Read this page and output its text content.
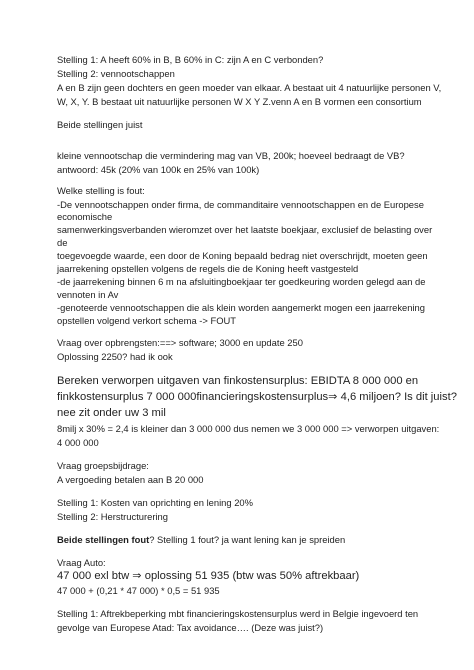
Stelling 1: A heeft 60% in B, B 60% in C: zijn A en C verbonden?
Stelling 2: vennootschappen
A en B zijn geen dochters en geen moeder van elkaar. A bestaat uit 4 natuurlijke personen V,
W, X, Y. B bestaat uit natuurlijke personen W X Y Z.venn A en B vormen een consortium
Beide stellingen juist
kleine vennootschap die vermindering mag van VB, 200k; hoeveel bedraagt de VB?
antwoord: 45k (20% van 100k en 25% van 100k)
Welke stelling is fout:
-De vennootschappen onder firma, de commanditaire vennootschappen en de Europese
economische
samenwerkingsverbanden wieromzet over het laatste boekjaar, exclusief de belasting over
de
toegevoegde waarde, een door de Koning bepaald bedrag niet overschrijdt, moeten geen
jaarrekening opstellen volgens de regels die de Koning heeft vastgesteld
-de jaarrekening binnen 6 m na afsluitingboekjaar ter goedkeuring worden gelegd aan de
vennoten in Av
-genoteerde vennootschappen die als klein worden aangemerkt mogen een jaarrekening
opstellen volgend verkort schema -> FOUT
Vraag over opbrengsten:==> software; 3000 en update 250
Oplossing 2250? had ik ook
Bereken verworpen uitgaven van finkostensurplus: EBIDTA 8 000 000 en
finkkostensurplus 7 000 000financieringskostensurplus⇒ 4,6 miljoen? Is dit juist?
nee zit onder uw 3 mil
8milj x 30% = 2,4 is kleiner dan 3 000 000 dus nemen we 3 000 000 => verworpen uitgaven:
4 000 000
Vraag groepsbijdrage:
A vergoeding betalen aan B 20 000
Stelling 1: Kosten van oprichting en lening 20%
Stelling 2: Herstructurering
Beide stellingen fout? Stelling 1 fout? ja want lening kan je spreiden
Vraag Auto:
47 000 exl btw ⇒ oplossing 51 935 (btw was 50% aftrekbaar)
47 000 + (0,21 * 47 000) * 0,5 = 51 935
Stelling 1: Aftrekbeperking mbt financieringskostensurplus werd in Belgie ingevoerd ten
gevolge van Europese Atad: Tax avoidance…. (Deze was juist?)
